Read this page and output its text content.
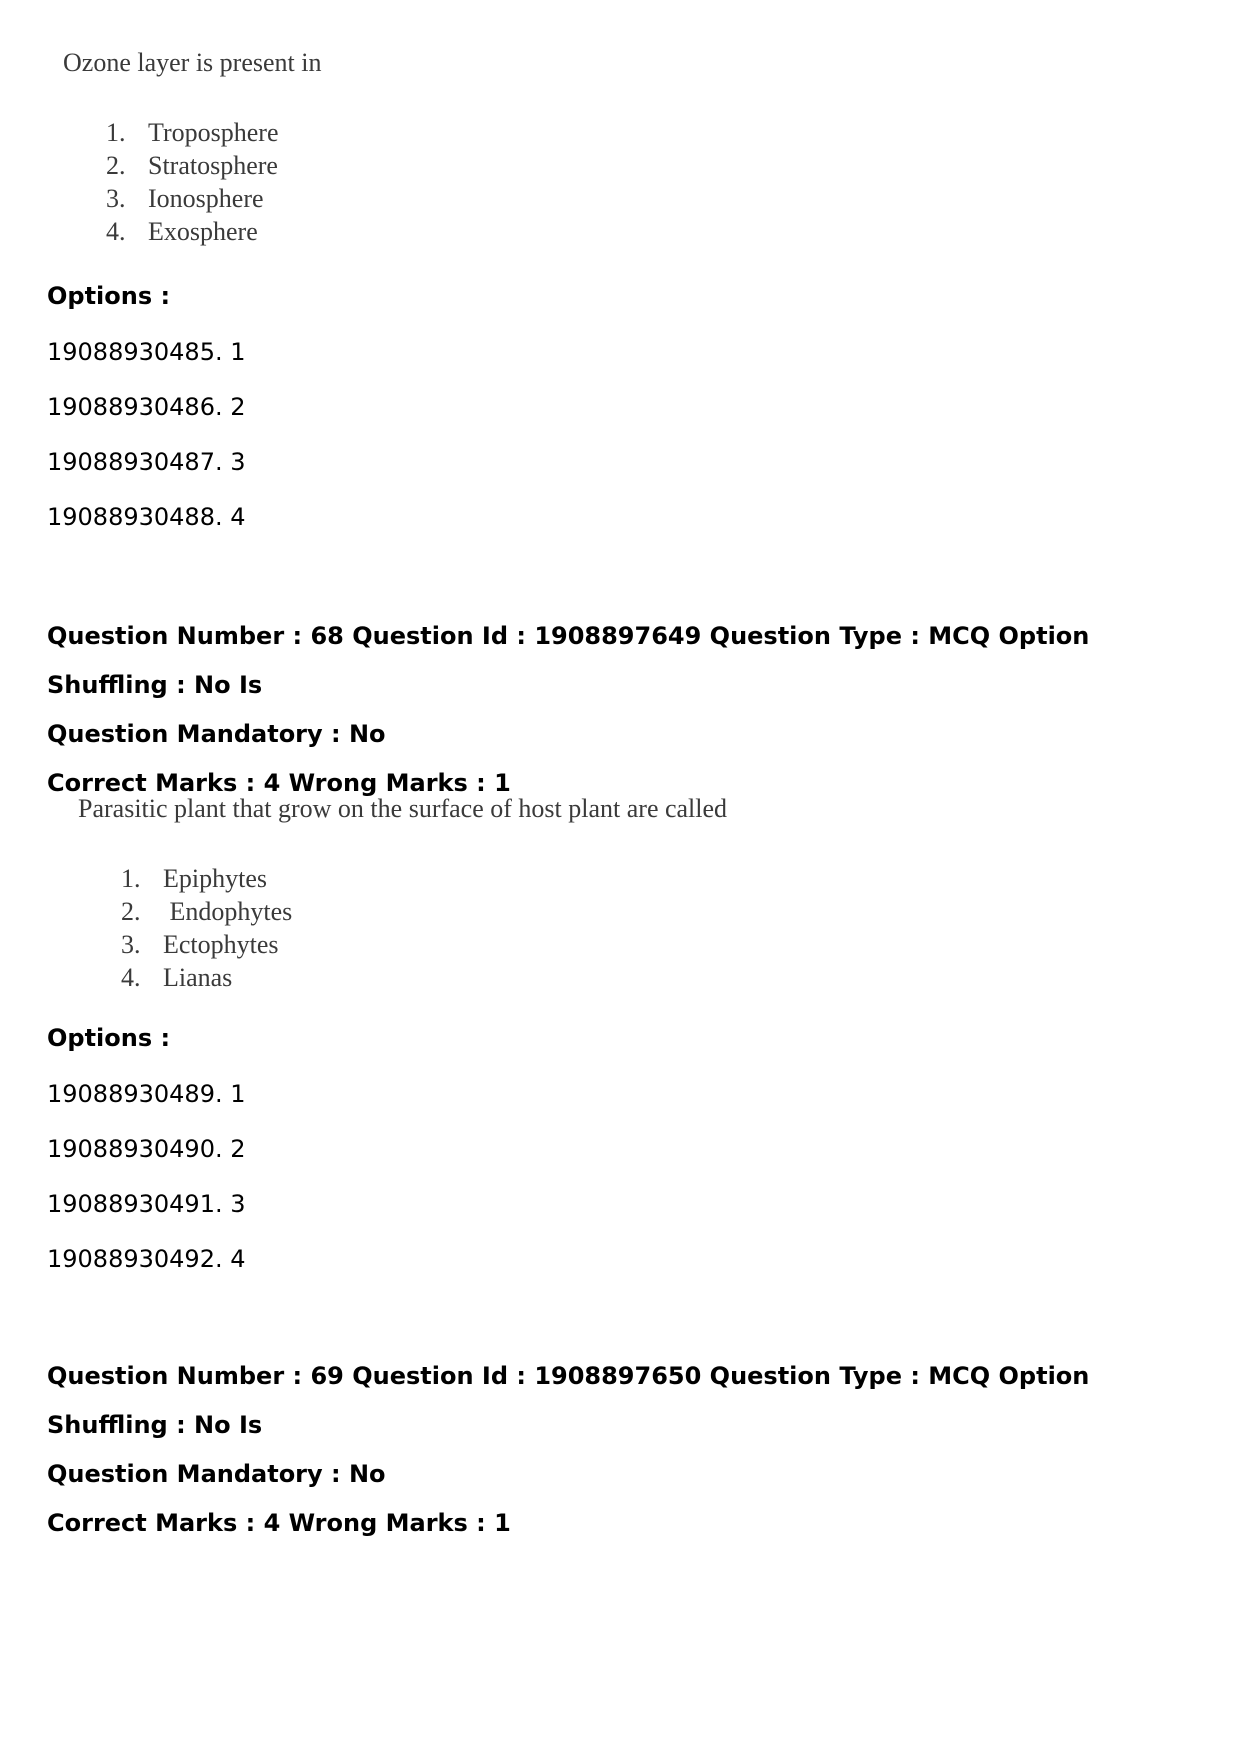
Ozone layer is present in
1. Troposphere
2. Stratosphere
3. Ionosphere
4. Exosphere
Options :
19088930485. 1
19088930486. 2
19088930487. 3
19088930488. 4
Question Number : 68 Question Id : 1908897649 Question Type : MCQ Option Shuffling : No Is
Question Mandatory : No
Correct Marks : 4 Wrong Marks : 1
Parasitic plant that grow on the surface of host plant are called
1. Epiphytes
2. Endophytes
3. Ectophytes
4. Lianas
Options :
19088930489. 1
19088930490. 2
19088930491. 3
19088930492. 4
Question Number : 69 Question Id : 1908897650 Question Type : MCQ Option Shuffling : No Is
Question Mandatory : No
Correct Marks : 4 Wrong Marks : 1
